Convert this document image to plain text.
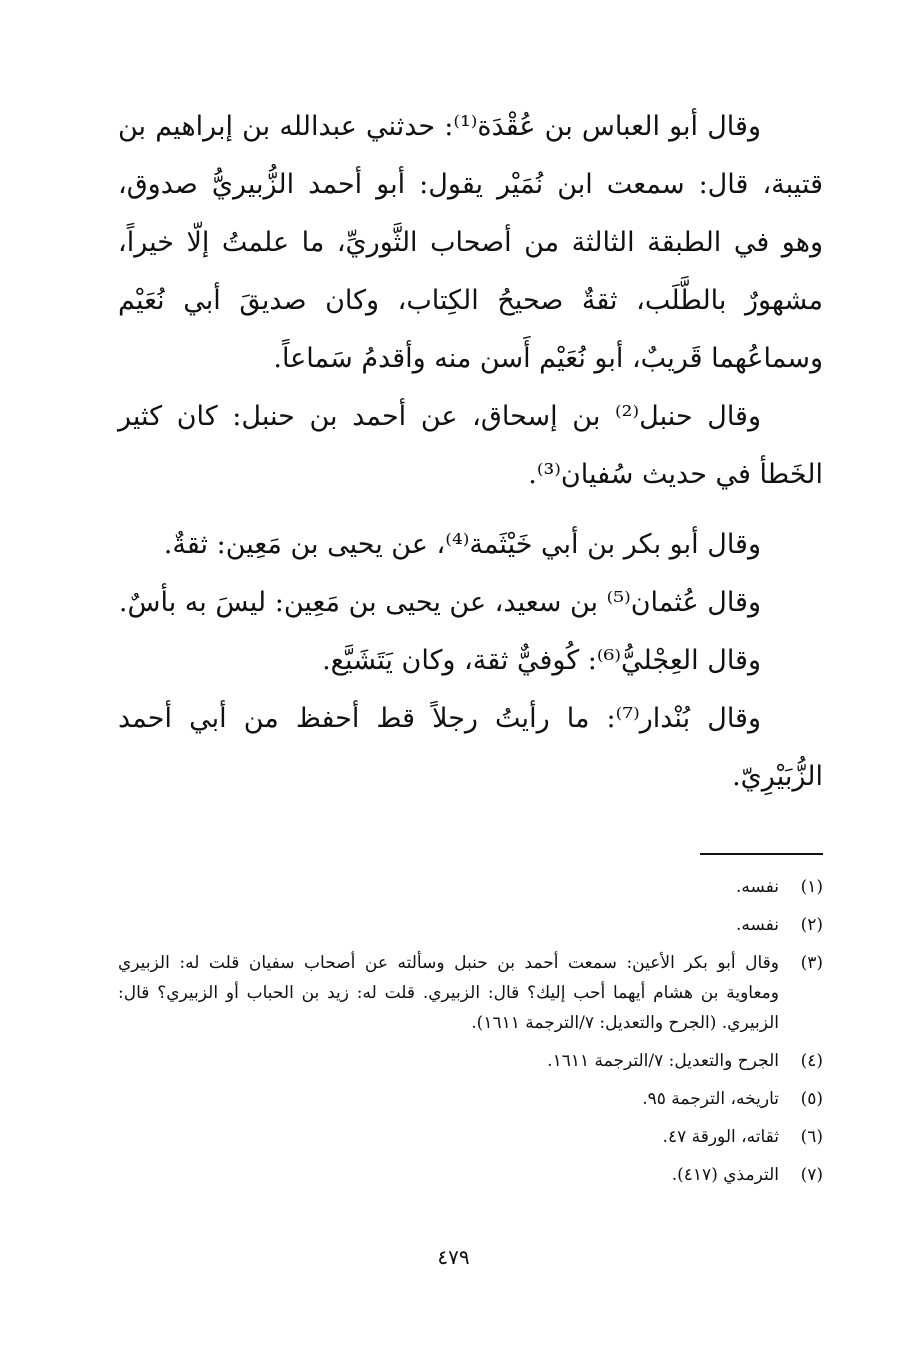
وقال أبو العباس بن عُقْدَة⁽¹⁾: حدثني عبدالله بن إبراهيم بن قتيبة، قال: سمعت ابن نُمَيْر يقول: أبو أحمد الزُّبيريُّ صدوق، وهو في الطبقة الثالثة من أصحاب الثَّوريِّ، ما علمتُ إلّا خيراً، مشهورٌ بالطَّلَب، ثقةٌ صحيحُ الكِتاب، وكان صديقَ أبي نُعَيْم وسماعُهما قَريبٌ، أبو نُعَيْم أَسن منه وأقدمُ سَماعاً.

وقال حنبل⁽²⁾ بن إسحاق، عن أحمد بن حنبل: كان كثير الخَطأ في حديث سُفيان⁽³⁾.

وقال أبو بكر بن أبي خَيْثَمة⁽⁴⁾، عن يحيى بن مَعِين: ثقةٌ.

وقال عُثمان⁽⁵⁾ بن سعيد، عن يحيى بن مَعِين: ليسَ به بأسٌ.

وقال العِجْليُّ⁽⁶⁾: كُوفيٌّ ثقة، وكان يَتَشَيَّع.

وقال بُنْدار⁽⁷⁾: ما رأيتُ رجلاً قط أحفظ من أبي أحمد الزُّبَيْرِيّ.

(١)
نفسه.
(٢)
نفسه.
(٣)
وقال أبو بكر الأعين: سمعت أحمد بن حنبل وسألته عن أصحاب سفيان قلت له: الزبيري ومعاوية بن هشام أيهما أحب إليك؟ قال: الزبيري. قلت له: زيد بن الحباب أو الزبيري؟ قال: الزبيري. (الجرح والتعديل: ٧/الترجمة ١٦١١).
(٤)
الجرح والتعديل: ٧/الترجمة ١٦١١.
(٥)
تاريخه، الترجمة ٩٥.
(٦)
ثقاته، الورقة ٤٧.
(٧)
الترمذي (٤١٧).
٤٧٩
